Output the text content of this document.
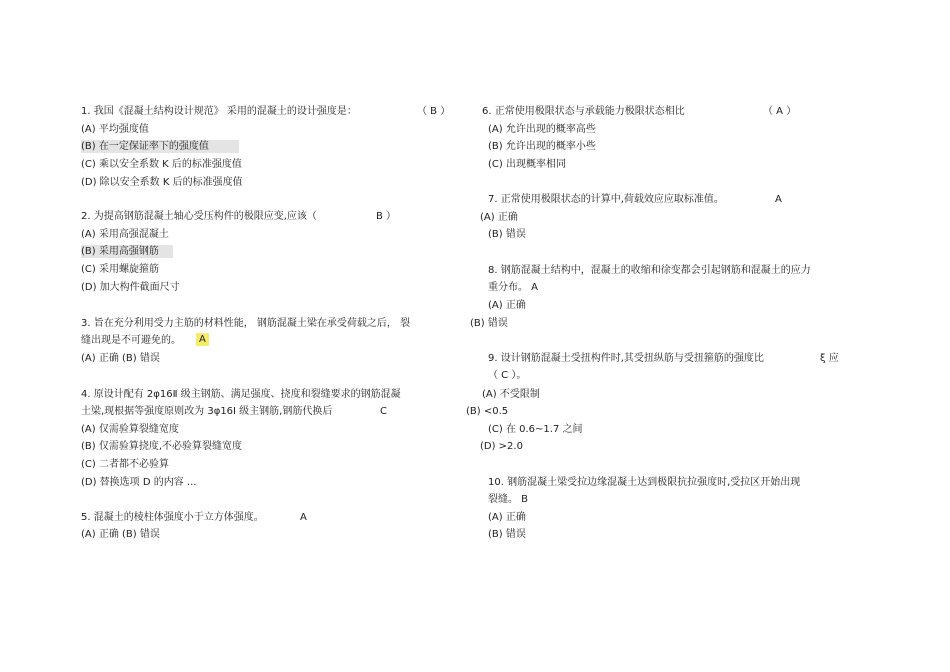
1. 我国《混凝土结构设计规范》 采用的混凝土的设计强度是：	（ B ）
(A) 平均强度值
(B) 在一定保证率下的强度值
(C) 乘以安全系数 K 后的标准强度值
(D) 除以安全系数 K 后的标准强度值
2. 为提高钢筋混凝土轴心受压构件的极限应变,应该（	B ）
(A) 采用高强混凝土
(B) 采用高强钢筋
(C) 采用螺旋箍筋
(D) 加大构件截面尺寸
3. 旨在充分利用受力主筋的材料性能， 钢筋混凝土梁在承受荷载之后， 裂
缝出现是不可避免的。	A
(A) 正确 (B) 错误
4. 原设计配有 2φ16Ⅱ 级主钢筋、满足强度、挠度和裂缝要求的钢筋混凝
土梁,现根据等强度原则改为 3φ16Ⅰ 级主钢筋,钢筋代换后	C
(A) 仅需验算裂缝宽度
(B) 仅需验算挠度,不必验算裂缝宽度
(C) 二者都不必验算
(D) 替换选项 D 的内容 ...
5. 混凝土的棱柱体强度小于立方体强度。	A
(A) 正确 (B) 错误
6. 正常使用极限状态与承载能力极限状态相比	（ A ）
(A) 允许出现的概率高些
(B) 允许出现的概率小些
(C) 出现概率相同
7. 正常使用极限状态的计算中,荷载效应应取标准值。	A
(A) 正确
(B) 错误
8. 钢筋混凝土结构中，混凝土的收缩和徐变都会引起钢筋和混凝土的应力
重分布。 A
(A) 正确
(B) 错误
9. 设计钢筋混凝土受扭构件时,其受扭纵筋与受扭箍筋的强度比	ξ 应
（ C ）。
(A) 不受限制
(B) <0.5
(C) 在 0.6~1.7 之间
(D) >2.0
10. 钢筋混凝土梁受拉边缘混凝土达到极限抗拉强度时,受拉区开始出现
裂缝。 B
(A) 正确
(B) 错误
